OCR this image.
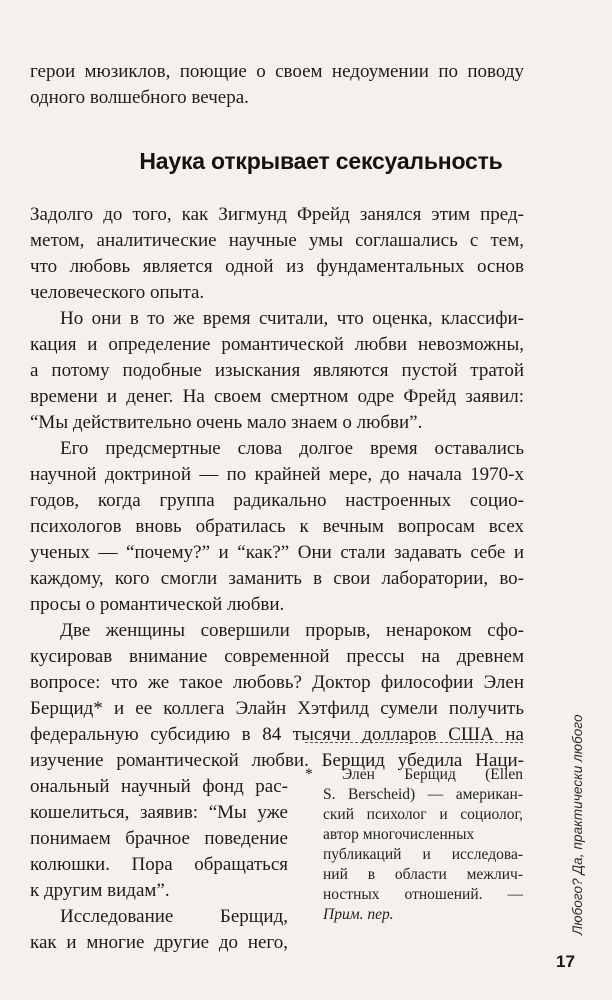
герои мюзиклов, поющие о своем недоумении по поводу
одного волшебного вечера.
Наука открывает сексуальность
Задолго до того, как Зигмунд Фрейд занялся этим пред-
метом, аналитические научные умы соглашались с тем,
что любовь является одной из фундаментальных основ
человеческого опыта.
Но они в то же время считали, что оценка, классифи-
кация и определение романтической любви невозможны,
а потому подобные изыскания являются пустой тратой
времени и денег. На своем смертном одре Фрейд заявил:
“Мы действительно очень мало знаем о любви”.
Его предсмертные слова долгое время оставались
научной доктриной — по крайней мере, до начала 1970-х
годов, когда группа радикально настроенных социо-
психологов вновь обратилась к вечным вопросам всех
ученых — “почему?” и “как?” Они стали задавать себе и
каждому, кого смогли заманить в свои лаборатории, во-
просы о романтической любви.
Две женщины совершили прорыв, ненароком сфо-
кусировав внимание современной прессы на древнем
вопросе: что же такое любовь? Доктор философии Элен
Берщид* и ее коллега Элайн Хэтфилд сумели получить
федеральную субсидию в 84 тысячи долларов США на
изучение романтической любви. Берщид убедила Наци-
ональный научный фонд рас-
кошелиться, заявив: “Мы уже
понимаем брачное поведение
колюшки. Пора обращаться
к другим видам”.
Исследование Берщид,
как и многие другие до него,
* Элен Берщид (Ellen
S. Berscheid) — американ-
ский психолог и социолог,
автор многочисленных
публикаций и исследова-
ний в области межлич-
ностных отношений. —
Прим. пер.	Любого? Да, практически любого
17
